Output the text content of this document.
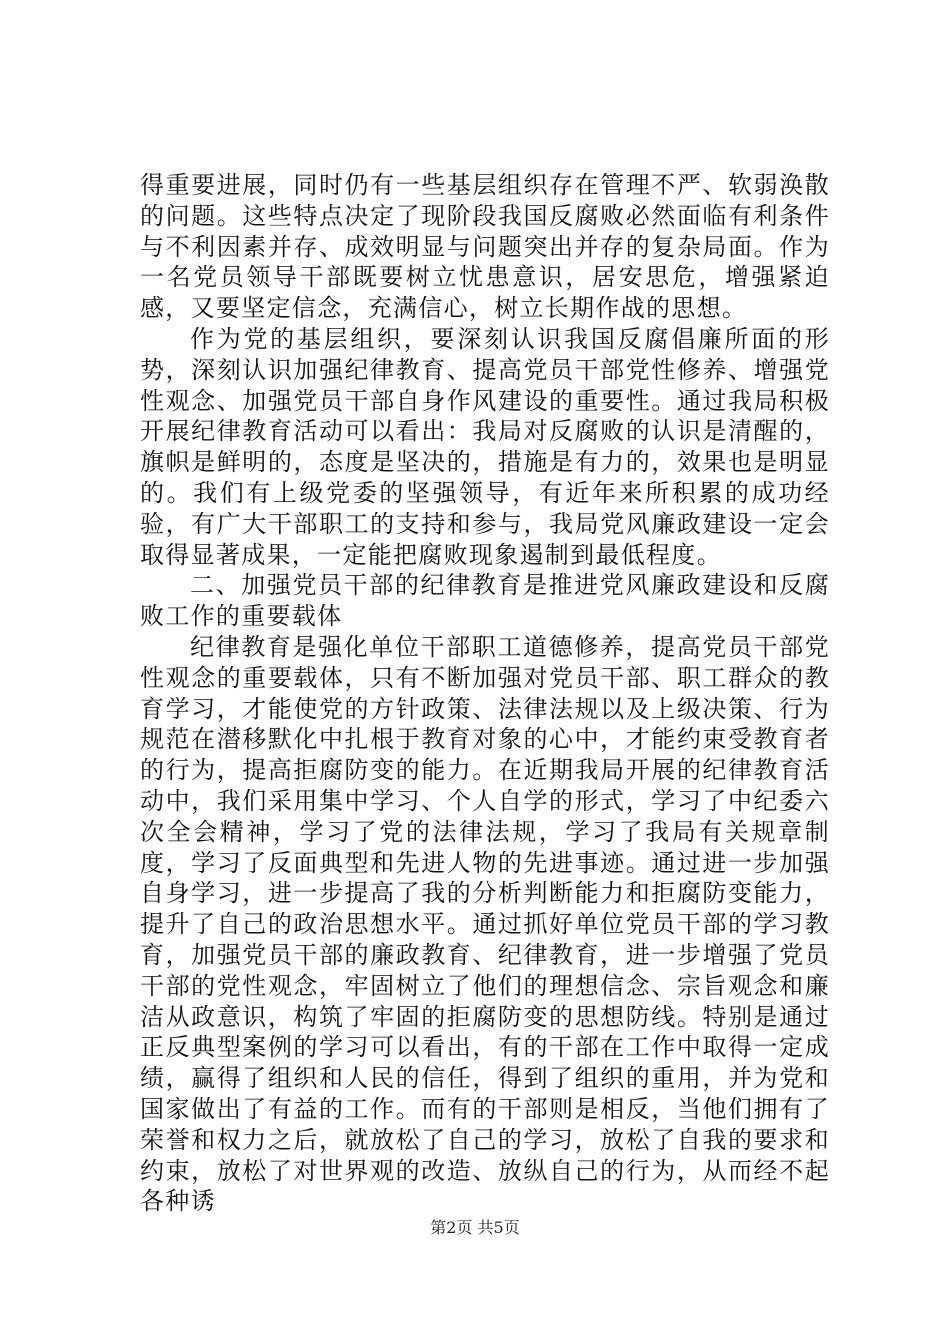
得重要进展，同时仍有一些基层组织存在管理不严、软弱涣散的问题。这些特点决定了现阶段我国反腐败必然面临有利条件与不利因素并存、成效明显与问题突出并存的复杂局面。作为一名党员领导干部既要树立忧患意识，居安思危，增强紧迫感，又要坚定信念，充满信心，树立长期作战的思想。

作为党的基层组织，要深刻认识我国反腐倡廉所面的形势，深刻认识加强纪律教育、提高党员干部党性修养、增强党性观念、加强党员干部自身作风建设的重要性。通过我局积极开展纪律教育活动可以看出：我局对反腐败的认识是清醒的，旗帜是鲜明的，态度是坚决的，措施是有力的，效果也是明显的。我们有上级党委的坚强领导，有近年来所积累的成功经验，有广大干部职工的支持和参与，我局党风廉政建设一定会取得显著成果，一定能把腐败现象遏制到最低程度。

二、加强党员干部的纪律教育是推进党风廉政建设和反腐败工作的重要载体

纪律教育是强化单位干部职工道德修养，提高党员干部党性观念的重要载体，只有不断加强对党员干部、职工群众的教育学习，才能使党的方针政策、法律法规以及上级决策、行为规范在潜移默化中扎根于教育对象的心中，才能约束受教育者的行为，提高拒腐防变的能力。在近期我局开展的纪律教育活动中，我们采用集中学习、个人自学的形式，学习了中纪委六次全会精神，学习了党的法律法规，学习了我局有关规章制度，学习了反面典型和先进人物的先进事迹。通过进一步加强自身学习，进一步提高了我的分析判断能力和拒腐防变能力，提升了自己的政治思想水平。通过抓好单位党员干部的学习教育，加强党员干部的廉政教育、纪律教育，进一步增强了党员干部的党性观念，牢固树立了他们的理想信念、宗旨观念和廉洁从政意识，构筑了牢固的拒腐防变的思想防线。特别是通过正反典型案例的学习可以看出，有的干部在工作中取得一定成绩，赢得了组织和人民的信任，得到了组织的重用，并为党和国家做出了有益的工作。而有的干部则是相反，当他们拥有了荣誉和权力之后，就放松了自己的学习，放松了自我的要求和约束，放松了对世界观的改造、放纵自己的行为，从而经不起各种诱

第2页 共5页
